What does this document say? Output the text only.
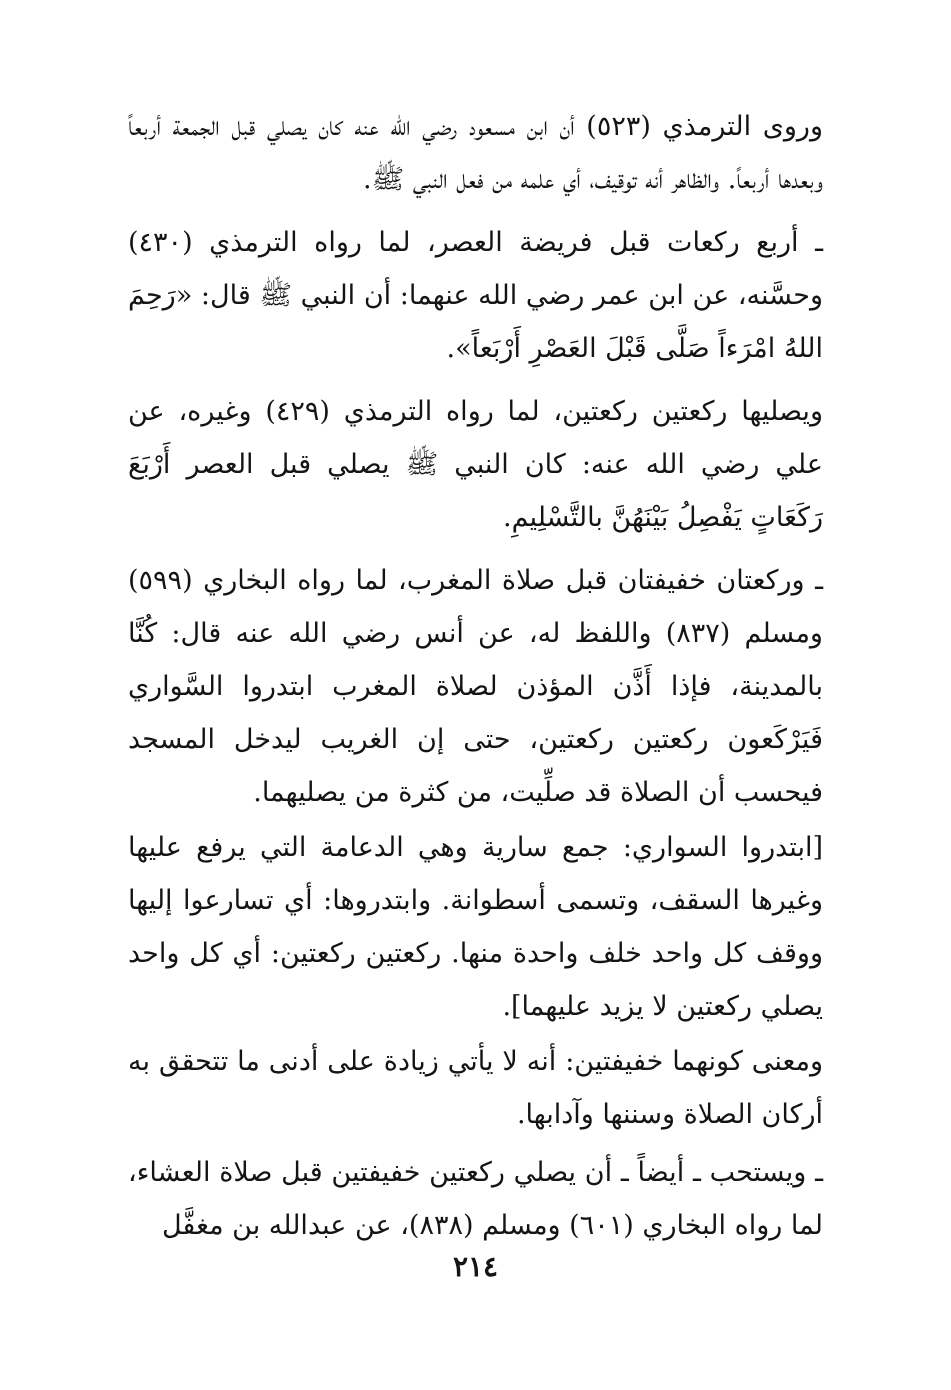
وروى الترمذي (٥٢٣) أن ابن مسعود رضي الله عنه كان يصلي قبل الجمعة أربعاً وبعدها أربعاً. والظاهر أنه توقيف، أي علمه من فعل النبي ﷺ.

ـ أربع ركعات قبل فريضة العصر، لما رواه الترمذي (٤٣٠) وحسَّنه، عن ابن عمر رضي الله عنهما: أن النبي ﷺ قال: «رَحِمَ اللهُ امْرَءاً صَلَّى قَبْلَ العَصْرِ أَرْبَعاً».

ويصليها ركعتين ركعتين، لما رواه الترمذي (٤٢٩) وغيره، عن علي رضي الله عنه: كان النبي ﷺ يصلي قبل العصر أَرْبَعَ رَكَعَاتٍ يَفْصِلُ بَيْنَهُنَّ بالتَّسْلِيمِ.

ـ وركعتان خفيفتان قبل صلاة المغرب، لما رواه البخاري (٥٩٩) ومسلم (٨٣٧) واللفظ له، عن أنس رضي الله عنه قال: كُنَّا بالمدينة، فإذا أَذَّن المؤذن لصلاة المغرب ابتدروا السَّواري فَيَرْكَعون ركعتين ركعتين، حتى إن الغريب ليدخل المسجد فيحسب أن الصلاة قد صلِّيت، من كثرة من يصليهما.

[ابتدروا السواري: جمع سارية وهي الدعامة التي يرفع عليها وغيرها السقف، وتسمى أسطوانة. وابتدروها: أي تسارعوا إليها ووقف كل واحد خلف واحدة منها. ركعتين ركعتين: أي كل واحد يصلي ركعتين لا يزيد عليهما].

ومعنى كونهما خفيفتين: أنه لا يأتي زيادة على أدنى ما تتحقق به أركان الصلاة وسننها وآدابها.

ـ ويستحب ـ أيضاً ـ أن يصلي ركعتين خفيفتين قبل صلاة العشاء، لما رواه البخاري (٦٠١) ومسلم (٨٣٨)، عن عبدالله بن مغفَّل

٢١٤
